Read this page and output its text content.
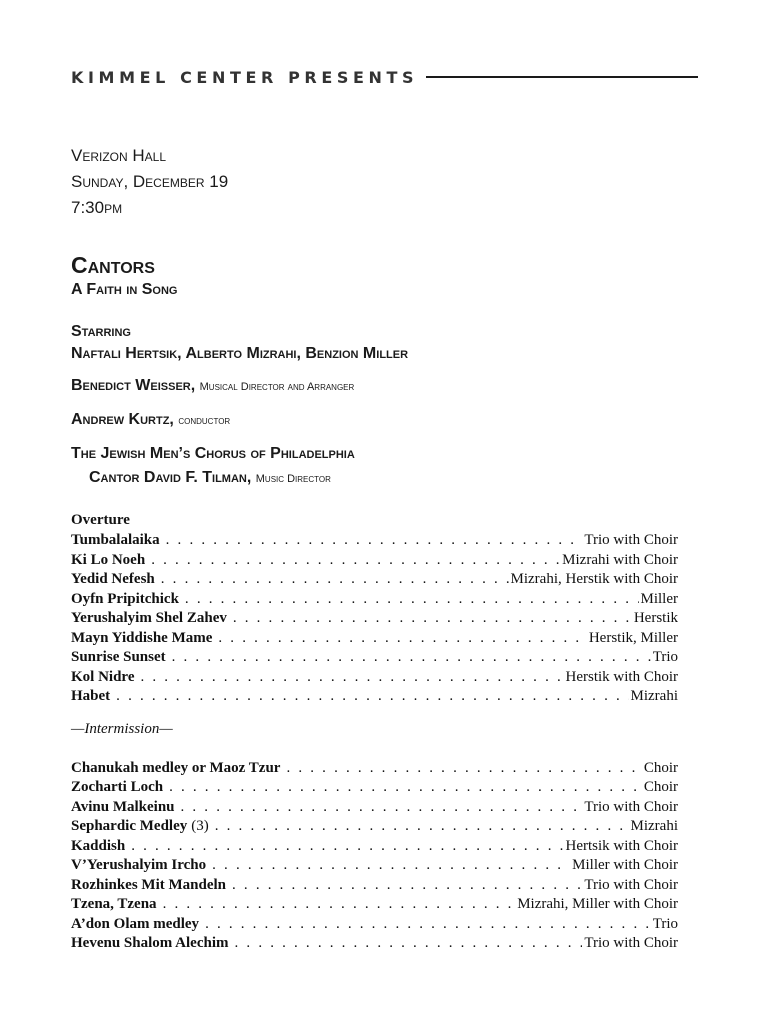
KIMMEL CENTER PRESENTS
Verizon Hall
Sunday, December 19
7:30pm
Cantors
A Faith in Song
Starring
Naftali Hertsik, Alberto Mizrahi, Benzion Miller
Benedict Weisser, Musical Director and Arranger
Andrew Kurtz, conductor
The Jewish Men’s Chorus of Philadelphia
Cantor David F. Tilman, Music Director
Overture
Tumbalalaika . . .	Trio with Choir
Ki Lo Noeh . . .	Mizrahi with Choir
Yedid Nefesh . . .	Mizrahi, Herstik with Choir
Oyfn Pripitchick . . .	Miller
Yerushalyim Shel Zahev . . .	Herstik
Mayn Yiddishe Mame . . .	Herstik, Miller
Sunrise Sunset . . .	Trio
Kol Nidre . . .	Herstik with Choir
Habet . . .	Mizrahi
—Intermission—
Chanukah medley or Maoz Tzur . . .	Choir
Zocharti Loch . . .	Choir
Avinu Malkeinu . . .	Trio with Choir
Sephardic Medley (3) . . .	Mizrahi
Kaddish . . .	Hertsik with Choir
V’Yerushalyim Ircho . . .	Miller with Choir
Rozhinkes Mit Mandeln . . .	Trio with Choir
Tzena, Tzena . . .	Mizrahi, Miller with Choir
A’don Olam medley . . .	Trio
Hevenu Shalom Alechim . . .	Trio with Choir
